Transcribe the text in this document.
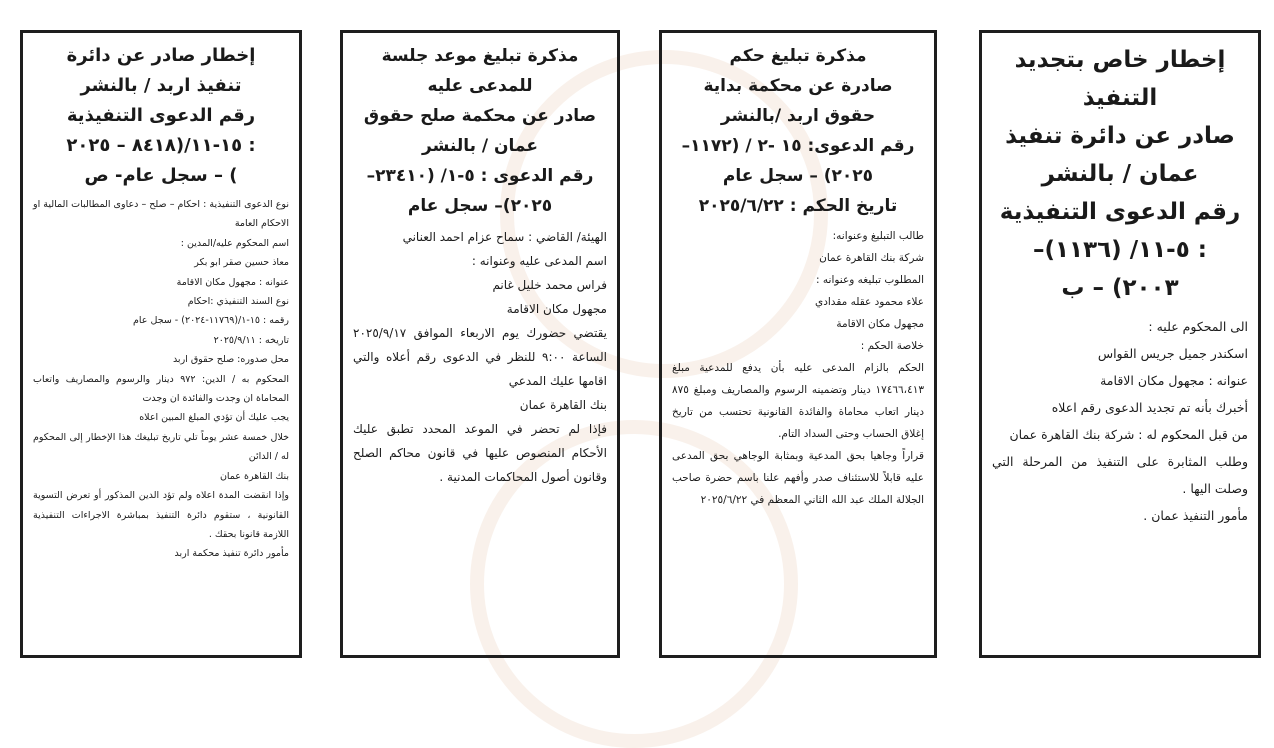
إخطار خاص بتجديد
التنفيذ
صادر عن دائرة تنفيذ
عمان / بالنشر
رقم الدعوى التنفيذية
: ٥-١١/ (١١٣٦)–
٢٠٠٣) – ب

الى المحكوم عليه :

اسكندر جميل جريس القواس

عنوانه : مجهول مكان الاقامة

أخبرك بأنه تم تجديد الدعوى رقم اعلاه

من قبل المحكوم له : شركة بنك القاهرة عمان

وطلب المثابرة على التنفيذ من المرحلة التي وصلت اليها .

مأمور التنفيذ عمان .

مذكرة تبليغ حكم
صادرة عن محكمة بداية
حقوق اربد /بالنشر
رقم الدعوى: ١٥ -٢ / (١١٧٢–
٢٠٢٥) – سجل عام
تاريخ الحكم : ٢٠٢٥/٦/٢٢

طالب التبليغ وعنوانه:

شركة بنك القاهرة عمان

المطلوب تبليغه وعنوانه :

علاء محمود عقله مقدادي

مجهول مكان الاقامة

خلاصة الحكم :

الحكم بالزام المدعى عليه بأن يدفع للمدعية مبلغ ١٧٤٦٦،٤١٣ دينار وتضمينه الرسوم والمصاريف ومبلغ ٨٧٥ دينار اتعاب محاماة والفائدة القانونية تحتسب من تاريخ إغلاق الحساب وحتى السداد التام.

قراراً وجاهيا بحق المدعية وبمثابة الوجاهي بحق المدعى عليه قابلاً للاستئناف صدر وأفهم علنا باسم حضرة صاحب الجلالة الملك عبد الله الثاني المعظم في ٢٠٢٥/٦/٢٢

مذكرة تبليغ موعد جلسة
للمدعى عليه
صادر عن محكمة صلح حقوق
عمان / بالنشر
رقم الدعوى : ٥-١/ (٢٣٤١٠–
٢٠٢٥)– سجل عام

الهيئة/ القاضي : سماح عزام احمد العناني

اسم المدعى عليه وعنوانه :

فراس محمد خليل غانم

مجهول مكان الاقامة

يقتضي حضورك يوم الاربعاء الموافق ٢٠٢٥/٩/١٧ الساعة ٩:٠٠ للنظر في الدعوى رقم أعلاه والتي اقامها عليك المدعي

بنك القاهرة عمان

فإذا لم تحضر في الموعد المحدد تطبق عليك الأحكام المنصوص عليها في قانون محاكم الصلح وقانون أصول المحاكمات المدنية .

إخطار صادر عن دائرة
تنفيذ اربد / بالنشر
رقم الدعوى التنفيذية
: ١٥-١١/(٨٤١٨ – ٢٠٢٥
) – سجل عام- ص

نوع الدعوى التنفيذية : احكام – صلح – دعاوى المطالبات المالية او الاحكام العامة

اسم المحكوم عليه/المدين :

معاذ حسين صقر ابو بكر

عنوانه : مجهول مكان الاقامة

نوع السند التنفيذي :احكام

رقمه : ١٥-١/(١١٧٦٩-٢٠٢٤) - سجل عام

تاريخه : ٢٠٢٥/٩/١١

محل صدوره: صلح حقوق اربد

المحكوم به / الدين: ٩٧٢ دينار والرسوم والمصاريف واتعاب المحاماة ان وجدت والفائدة ان وجدت

يجب عليك أن تؤدي المبلغ المبين اعلاه

خلال خمسة عشر يوماً تلي تاريخ تبليغك هذا الإخطار إلى المحكوم له / الدائن

بنك القاهرة عمان

وإذا انقضت المدة اعلاه ولم تؤد الدين المذكور أو تعرض التسوية القانونية ، ستقوم دائرة التنفيذ بمباشرة الاجراءات التنفيذية اللازمة قانونا بحقك .

مأمور دائرة تنفيذ محكمة اربد
